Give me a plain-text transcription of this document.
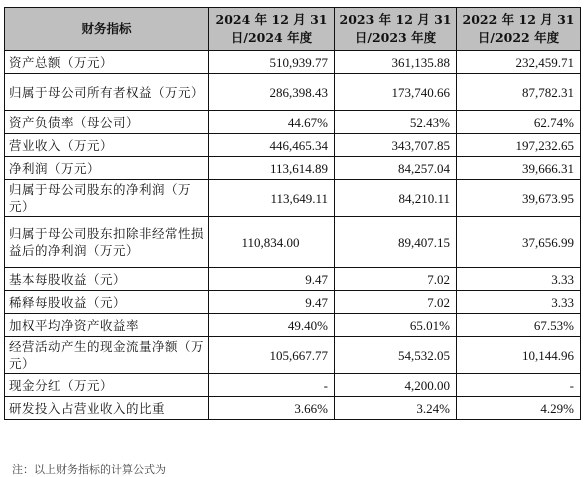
财务指标	2024 年 12 月 31 日/2024 年度	2023 年 12 月 31 日/2023 年度	2022 年 12 月 31 日/2022 年度
资产总额（万元）	510,939.77	361,135.88	232,459.71
归属于母公司所有者权益（万元）	286,398.43	173,740.66	87,782.31
资产负债率（母公司）	44.67%	52.43%	62.74%
营业收入（万元）	446,465.34	343,707.85	197,232.65
净利润（万元）	113,614.89	84,257.04	39,666.31
归属于母公司股东的净利润（万元）	113,649.11	84,210.11	39,673.95
归属于母公司股东扣除非经常性损益后的净利润（万元）	110,834.00	89,407.15	37,656.99
基本每股收益（元）	9.47	7.02	3.33
稀释每股收益（元）	9.47	7.02	3.33
加权平均净资产收益率	49.40%	65.01%	67.53%
经营活动产生的现金流量净额（万元）	105,667.77	54,532.05	10,144.96
现金分红（万元）	-	4,200.00	-
研发投入占营业收入的比重	3.66%	3.24%	4.29%
注：以上财务指标的计算公式为
